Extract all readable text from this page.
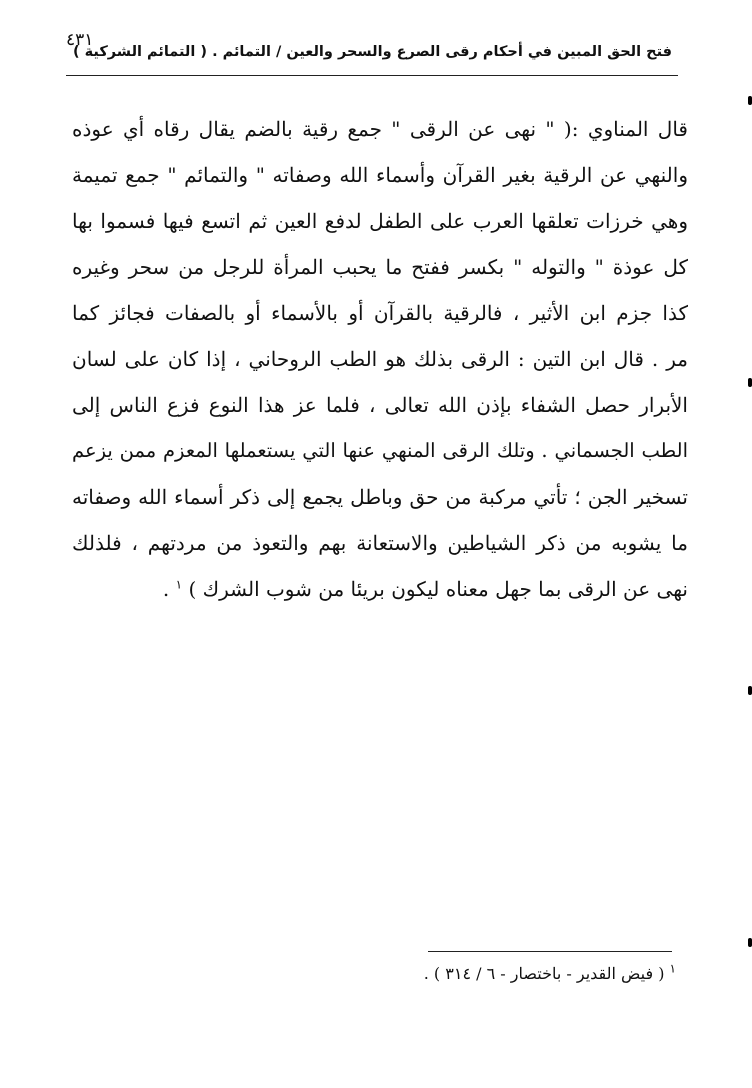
٤٣١
فتح الحق المبين في أحكام رقى الصرع والسحر والعين / التمائم . ( التمائم الشركية )
قال المناوي :( " نهى عن الرقى " جمع رقية بالضم يقال رقاه أي عوذه
والنهي عن الرقية بغير القرآن وأسماء الله وصفاته " والتمائم " جمع تميمة
وهي خرزات تعلقها العرب على الطفل لدفع العين ثم اتسع فيها فسموا بها
كل عوذة " والتوله " بكسر ففتح ما يحبب المرأة للرجل من سحر وغيره
كذا جزم ابن الأثير ، فالرقية بالقرآن أو بالأسماء أو بالصفات فجائز كما
مر . قال ابن التين : الرقى بذلك هو الطب الروحاني ، إذا كان على لسان
الأبرار حصل الشفاء بإذن الله تعالى ، فلما عز هذا النوع فزع الناس إلى
الطب الجسماني . وتلك الرقى المنهي عنها التي يستعملها المعزم ممن يزعم
تسخير الجن ؛ تأتي مركبة من حق وباطل يجمع إلى ذكر أسماء الله وصفاته
ما يشوبه من ذكر الشياطين والاستعانة بهم والتعوذ من مردتهم ، فلذلك
نهى عن الرقى بما جهل معناه ليكون بريئا من شوب الشرك ) $^١$ .
$^١$ ( فيض القدير - باختصار - ٦ / ٣١٤ ) .
